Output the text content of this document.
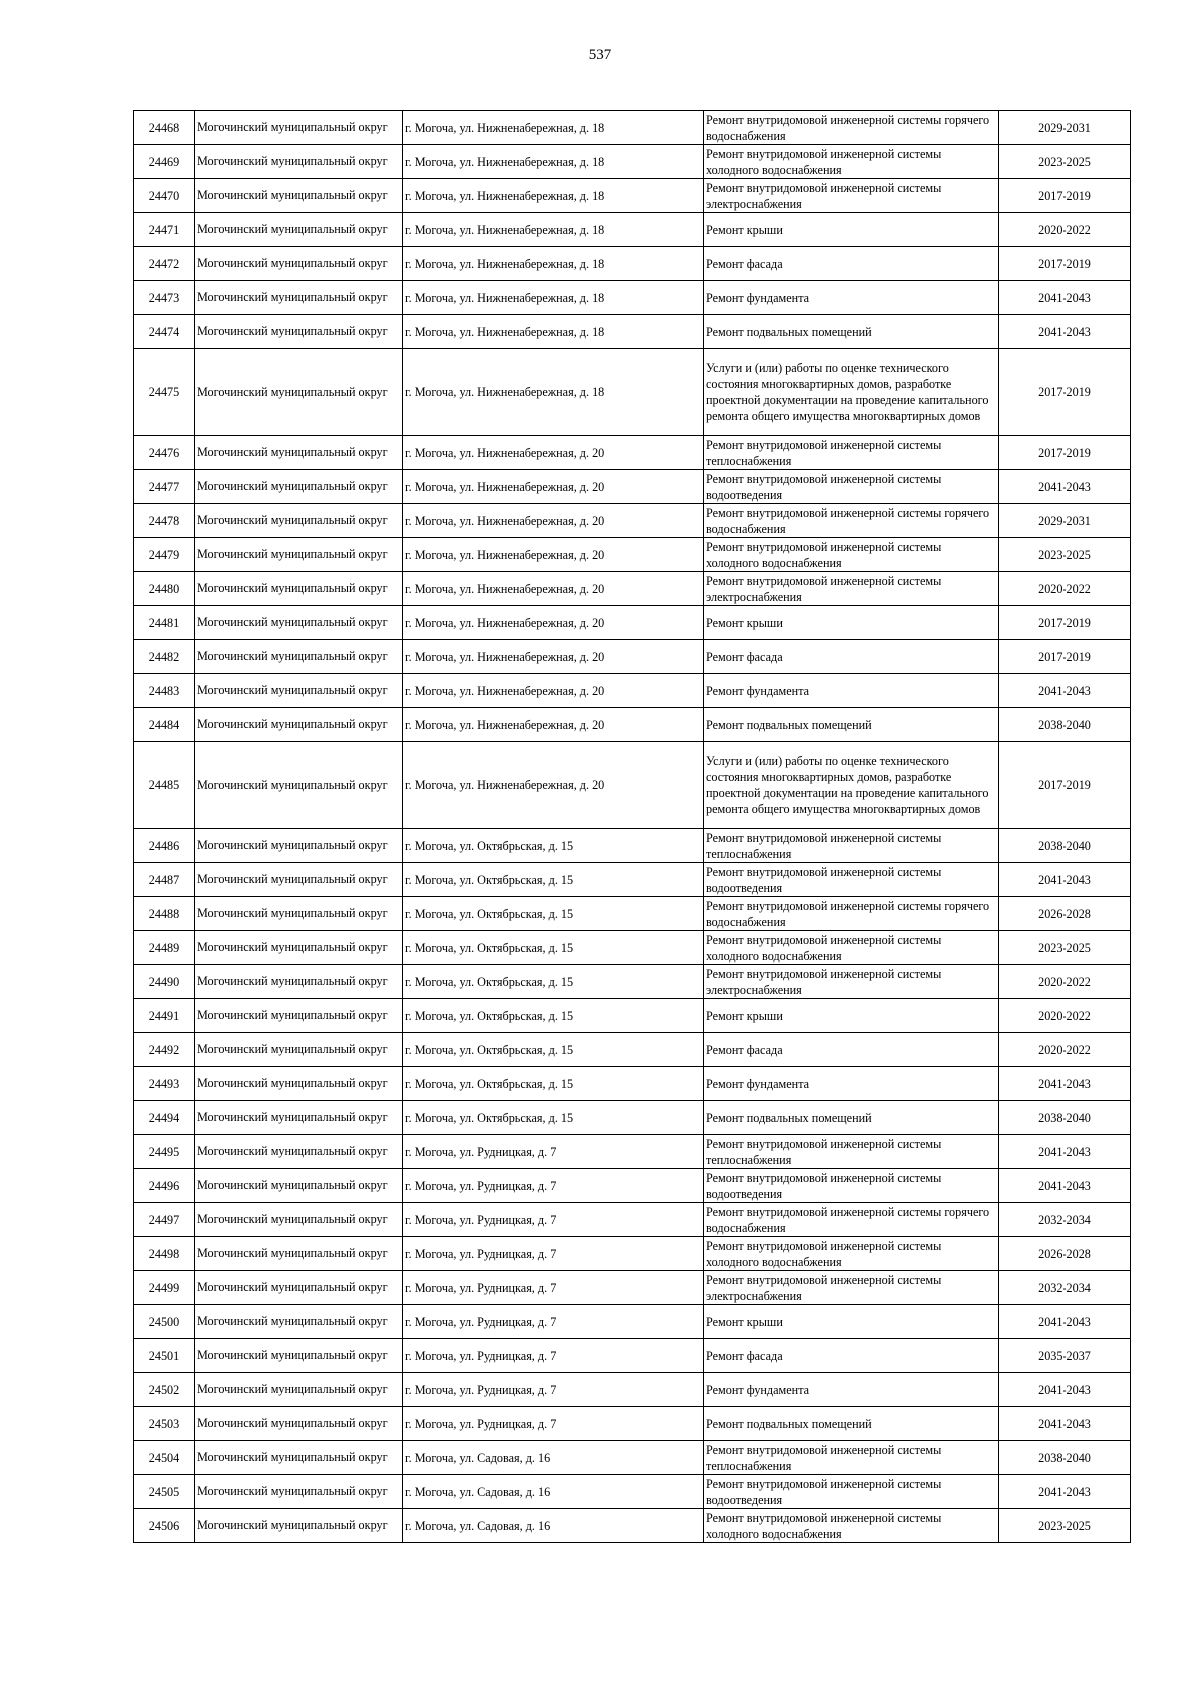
537
24468	Могочинский муниципальный округ	г. Могоча, ул. Нижненабережная, д. 18	Ремонт внутридомовой инженерной системы горячего водоснабжения	2029-2031
24469	Могочинский муниципальный округ	г. Могоча, ул. Нижненабережная, д. 18	Ремонт внутридомовой инженерной системы холодного водоснабжения	2023-2025
24470	Могочинский муниципальный округ	г. Могоча, ул. Нижненабережная, д. 18	Ремонт внутридомовой инженерной системы электроснабжения	2017-2019
24471	Могочинский муниципальный округ	г. Могоча, ул. Нижненабережная, д. 18	Ремонт крыши	2020-2022
24472	Могочинский муниципальный округ	г. Могоча, ул. Нижненабережная, д. 18	Ремонт фасада	2017-2019
24473	Могочинский муниципальный округ	г. Могоча, ул. Нижненабережная, д. 18	Ремонт фундамента	2041-2043
24474	Могочинский муниципальный округ	г. Могоча, ул. Нижненабережная, д. 18	Ремонт подвальных помещений	2041-2043
24475	Могочинский муниципальный округ	г. Могоча, ул. Нижненабережная, д. 18	Услуги и (или) работы по оценке технического состояния многоквартирных домов, разработке проектной документации на проведение капитального ремонта общего имущества многоквартирных домов	2017-2019
24476	Могочинский муниципальный округ	г. Могоча, ул. Нижненабережная, д. 20	Ремонт внутридомовой инженерной системы теплоснабжения	2017-2019
24477	Могочинский муниципальный округ	г. Могоча, ул. Нижненабережная, д. 20	Ремонт внутридомовой инженерной системы водоотведения	2041-2043
24478	Могочинский муниципальный округ	г. Могоча, ул. Нижненабережная, д. 20	Ремонт внутридомовой инженерной системы горячего водоснабжения	2029-2031
24479	Могочинский муниципальный округ	г. Могоча, ул. Нижненабережная, д. 20	Ремонт внутридомовой инженерной системы холодного водоснабжения	2023-2025
24480	Могочинский муниципальный округ	г. Могоча, ул. Нижненабережная, д. 20	Ремонт внутридомовой инженерной системы электроснабжения	2020-2022
24481	Могочинский муниципальный округ	г. Могоча, ул. Нижненабережная, д. 20	Ремонт крыши	2017-2019
24482	Могочинский муниципальный округ	г. Могоча, ул. Нижненабережная, д. 20	Ремонт фасада	2017-2019
24483	Могочинский муниципальный округ	г. Могоча, ул. Нижненабережная, д. 20	Ремонт фундамента	2041-2043
24484	Могочинский муниципальный округ	г. Могоча, ул. Нижненабережная, д. 20	Ремонт подвальных помещений	2038-2040
24485	Могочинский муниципальный округ	г. Могоча, ул. Нижненабережная, д. 20	Услуги и (или) работы по оценке технического состояния многоквартирных домов, разработке проектной документации на проведение капитального ремонта общего имущества многоквартирных домов	2017-2019
24486	Могочинский муниципальный округ	г. Могоча, ул. Октябрьская, д. 15	Ремонт внутридомовой инженерной системы теплоснабжения	2038-2040
24487	Могочинский муниципальный округ	г. Могоча, ул. Октябрьская, д. 15	Ремонт внутридомовой инженерной системы водоотведения	2041-2043
24488	Могочинский муниципальный округ	г. Могоча, ул. Октябрьская, д. 15	Ремонт внутридомовой инженерной системы горячего водоснабжения	2026-2028
24489	Могочинский муниципальный округ	г. Могоча, ул. Октябрьская, д. 15	Ремонт внутридомовой инженерной системы холодного водоснабжения	2023-2025
24490	Могочинский муниципальный округ	г. Могоча, ул. Октябрьская, д. 15	Ремонт внутридомовой инженерной системы электроснабжения	2020-2022
24491	Могочинский муниципальный округ	г. Могоча, ул. Октябрьская, д. 15	Ремонт крыши	2020-2022
24492	Могочинский муниципальный округ	г. Могоча, ул. Октябрьская, д. 15	Ремонт фасада	2020-2022
24493	Могочинский муниципальный округ	г. Могоча, ул. Октябрьская, д. 15	Ремонт фундамента	2041-2043
24494	Могочинский муниципальный округ	г. Могоча, ул. Октябрьская, д. 15	Ремонт подвальных помещений	2038-2040
24495	Могочинский муниципальный округ	г. Могоча, ул. Рудницкая, д. 7	Ремонт внутридомовой инженерной системы теплоснабжения	2041-2043
24496	Могочинский муниципальный округ	г. Могоча, ул. Рудницкая, д. 7	Ремонт внутридомовой инженерной системы водоотведения	2041-2043
24497	Могочинский муниципальный округ	г. Могоча, ул. Рудницкая, д. 7	Ремонт внутридомовой инженерной системы горячего водоснабжения	2032-2034
24498	Могочинский муниципальный округ	г. Могоча, ул. Рудницкая, д. 7	Ремонт внутридомовой инженерной системы холодного водоснабжения	2026-2028
24499	Могочинский муниципальный округ	г. Могоча, ул. Рудницкая, д. 7	Ремонт внутридомовой инженерной системы электроснабжения	2032-2034
24500	Могочинский муниципальный округ	г. Могоча, ул. Рудницкая, д. 7	Ремонт крыши	2041-2043
24501	Могочинский муниципальный округ	г. Могоча, ул. Рудницкая, д. 7	Ремонт фасада	2035-2037
24502	Могочинский муниципальный округ	г. Могоча, ул. Рудницкая, д. 7	Ремонт фундамента	2041-2043
24503	Могочинский муниципальный округ	г. Могоча, ул. Рудницкая, д. 7	Ремонт подвальных помещений	2041-2043
24504	Могочинский муниципальный округ	г. Могоча, ул. Садовая, д. 16	Ремонт внутридомовой инженерной системы теплоснабжения	2038-2040
24505	Могочинский муниципальный округ	г. Могоча, ул. Садовая, д. 16	Ремонт внутридомовой инженерной системы водоотведения	2041-2043
24506	Могочинский муниципальный округ	г. Могоча, ул. Садовая, д. 16	Ремонт внутридомовой инженерной системы холодного водоснабжения	2023-2025
